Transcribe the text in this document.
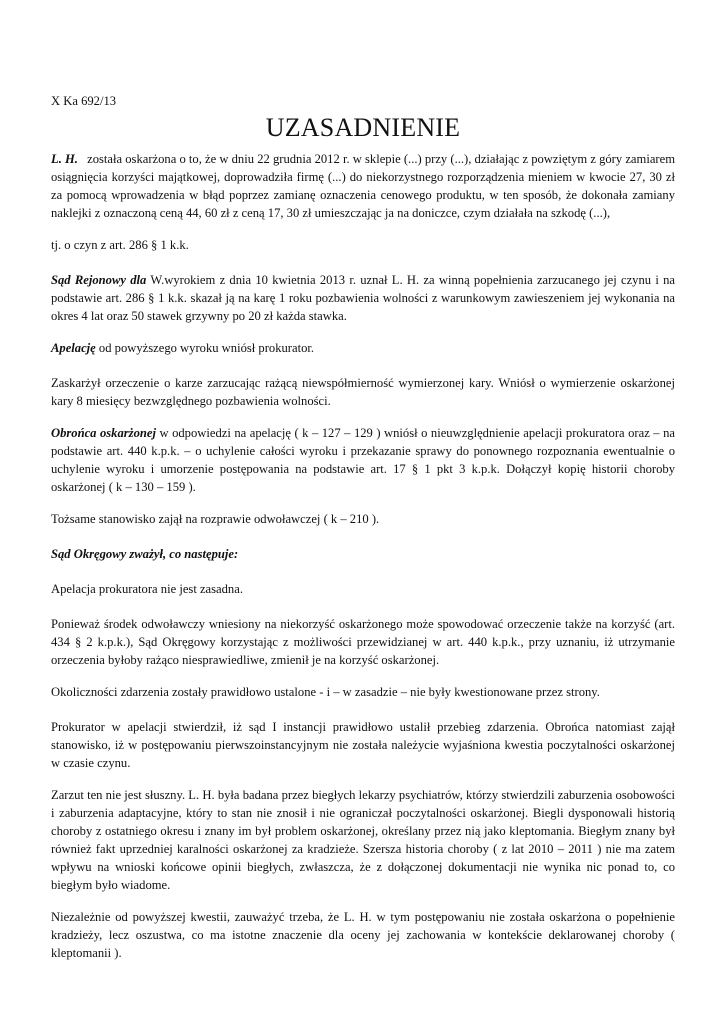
X Ka 692/13
UZASADNIENIE

L. H. została oskarżona o to, że w dniu 22 grudnia 2012 r. w sklepie (...) przy (...), działając z powziętym z góry zamiarem osiągnięcia korzyści majątkowej, doprowadziła firmę (...) do niekorzystnego rozporządzenia mieniem w kwocie 27, 30 zł za pomocą wprowadzenia w błąd poprzez zamianę oznaczenia cenowego produktu, w ten sposób, że dokonała zamiany naklejki z oznaczoną ceną 44, 60 zł z ceną 17, 30 zł umieszczając ja na doniczce, czym działała na szkodę (...),

tj. o czyn z art. 286 § 1 k.k.

Sąd Rejonowy dla W.wyrokiem z dnia 10 kwietnia 2013 r. uznał L. H. za winną popełnienia zarzucanego jej czynu i na podstawie art. 286 § 1 k.k. skazał ją na karę 1 roku pozbawienia wolności z warunkowym zawieszeniem jej wykonania na okres 4 lat oraz 50 stawek grzywny po 20 zł każda stawka.

Apelację od powyższego wyroku wniósł prokurator.

Zaskarżył orzeczenie o karze zarzucając rażącą niewspółmierność wymierzonej kary. Wniósł o wymierzenie oskarżonej kary 8 miesięcy bezwzględnego pozbawienia wolności.

Obrońca oskarżonej w odpowiedzi na apelację ( k – 127 – 129 ) wniósł o nieuwzględnienie apelacji prokuratora oraz – na podstawie art. 440 k.p.k. – o uchylenie całości wyroku i przekazanie sprawy do ponownego rozpoznania ewentualnie o uchylenie wyroku i umorzenie postępowania na podstawie art. 17 § 1 pkt 3 k.p.k. Dołączył kopię historii choroby oskarżonej ( k – 130 – 159 ).

Tożsame stanowisko zajął na rozprawie odwoławczej ( k – 210 ).

Sąd Okręgowy zważył, co następuje:

Apelacja prokuratora nie jest zasadna.

Ponieważ środek odwoławczy wniesiony na niekorzyść oskarżonego może spowodować orzeczenie także na korzyść (art. 434 § 2 k.p.k.), Sąd Okręgowy korzystając z możliwości przewidzianej w art. 440 k.p.k., przy uznaniu, iż utrzymanie orzeczenia byłoby rażąco niesprawiedliwe, zmienił je na korzyść oskarżonej.

Okoliczności zdarzenia zostały prawidłowo ustalone - i – w zasadzie – nie były kwestionowane przez strony.

Prokurator w apelacji stwierdził, iż sąd I instancji prawidłowo ustalił przebieg zdarzenia. Obrońca natomiast zajął stanowisko, iż w postępowaniu pierwszoinstancyjnym nie została należycie wyjaśniona kwestia poczytalności oskarżonej w czasie czynu.

Zarzut ten nie jest słuszny. L. H. była badana przez biegłych lekarzy psychiatrów, którzy stwierdzili zaburzenia osobowości i zaburzenia adaptacyjne, który to stan nie znosił i nie ograniczał poczytalności oskarżonej. Biegli dysponowali historią choroby z ostatniego okresu i znany im był problem oskarżonej, określany przez nią jako kleptomania. Biegłym znany był również fakt uprzedniej karalności oskarżonej za kradzieże. Szersza historia choroby ( z lat 2010 – 2011 ) nie ma zatem wpływu na wnioski końcowe opinii biegłych, zwłaszcza, że z dołączonej dokumentacji nie wynika nic ponad to, co biegłym było wiadome.

Niezależnie od powyższej kwestii, zauważyć trzeba, że L. H. w tym postępowaniu nie została oskarżona o popełnienie kradzieży, lecz oszustwa, co ma istotne znaczenie dla oceny jej zachowania w kontekście deklarowanej choroby ( kleptomanii ).
